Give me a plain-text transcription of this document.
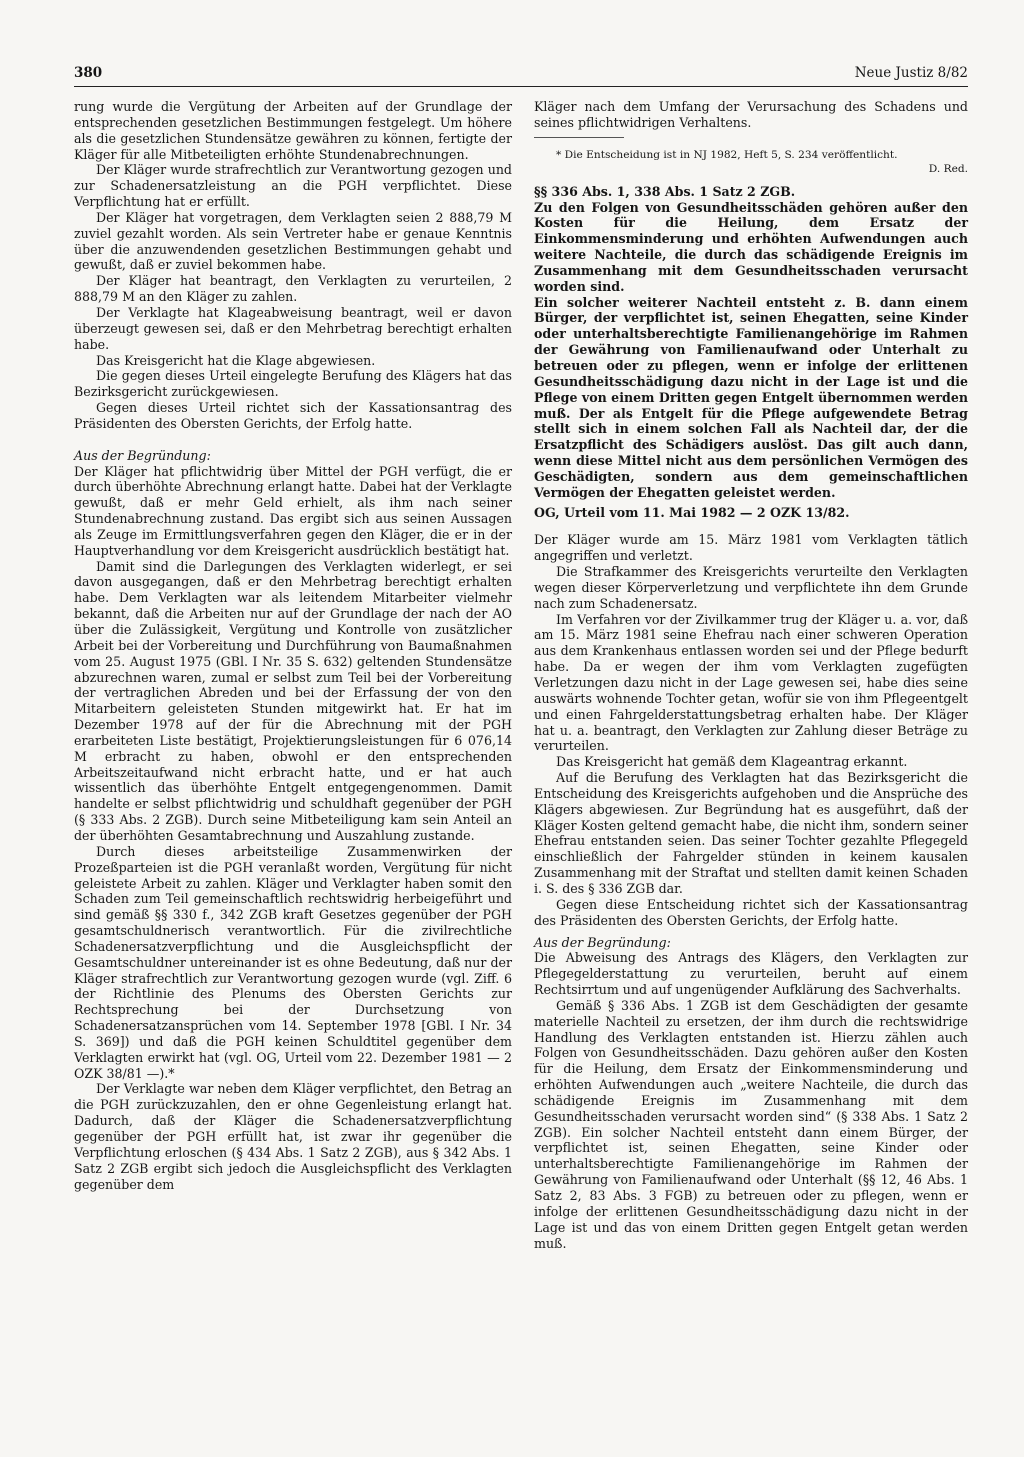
380	Neue Justiz 8/82

rung wurde die Vergütung der Arbeiten auf der Grundlage der entsprechenden gesetzlichen Bestimmungen festgelegt. Um höhere als die gesetzlichen Stundensätze gewähren zu können, fertigte der Kläger für alle Mitbeteiligten erhöhte Stundenabrechnungen.

Der Kläger wurde strafrechtlich zur Verantwortung gezogen und zur Schadenersatzleistung an die PGH verpflichtet. Diese Verpflichtung hat er erfüllt.

Der Kläger hat vorgetragen, dem Verklagten seien 2 888,79 M zuviel gezahlt worden. Als sein Vertreter habe er genaue Kenntnis über die anzuwendenden gesetzlichen Bestimmungen gehabt und gewußt, daß er zuviel bekommen habe.

Der Kläger hat beantragt, den Verklagten zu verurteilen, 2 888,79 M an den Kläger zu zahlen.

Der Verklagte hat Klageabweisung beantragt, weil er davon überzeugt gewesen sei, daß er den Mehrbetrag berechtigt erhalten habe.

Das Kreisgericht hat die Klage abgewiesen.

Die gegen dieses Urteil eingelegte Berufung des Klägers hat das Bezirksgericht zurückgewiesen.

Gegen dieses Urteil richtet sich der Kassationsantrag des Präsidenten des Obersten Gerichts, der Erfolg hatte.

Aus der Begründung:

Der Kläger hat pflichtwidrig über Mittel der PGH verfügt, die er durch überhöhte Abrechnung erlangt hatte. Dabei hat der Verklagte gewußt, daß er mehr Geld erhielt, als ihm nach seiner Stundenabrechnung zustand. Das ergibt sich aus seinen Aussagen als Zeuge im Ermittlungsverfahren gegen den Kläger, die er in der Hauptverhandlung vor dem Kreisgericht ausdrücklich bestätigt hat.

Damit sind die Darlegungen des Verklagten widerlegt, er sei davon ausgegangen, daß er den Mehrbetrag berechtigt erhalten habe. Dem Verklagten war als leitendem Mitarbeiter vielmehr bekannt, daß die Arbeiten nur auf der Grundlage der nach der AO über die Zulässigkeit, Vergütung und Kontrolle von zusätzlicher Arbeit bei der Vorbereitung und Durchführung von Baumaßnahmen vom 25. August 1975 (GBl. I Nr. 35 S. 632) geltenden Stundensätze abzurechnen waren, zumal er selbst zum Teil bei der Vorbereitung der vertraglichen Abreden und bei der Erfassung der von den Mitarbeitern geleisteten Stunden mitgewirkt hat. Er hat im Dezember 1978 auf der für die Abrechnung mit der PGH erarbeiteten Liste bestätigt, Projektierungsleistungen für 6 076,14 M erbracht zu haben, obwohl er den entsprechenden Arbeitszeitaufwand nicht erbracht hatte, und er hat auch wissentlich das überhöhte Entgelt entgegengenommen. Damit handelte er selbst pflichtwidrig und schuldhaft gegenüber der PGH (§ 333 Abs. 2 ZGB). Durch seine Mitbeteiligung kam sein Anteil an der überhöhten Gesamtabrechnung und Auszahlung zustande.

Durch dieses arbeitsteilige Zusammenwirken der Prozeßparteien ist die PGH veranlaßt worden, Vergütung für nicht geleistete Arbeit zu zahlen. Kläger und Verklagter haben somit den Schaden zum Teil gemeinschaftlich rechtswidrig herbeigeführt und sind gemäß §§ 330 f., 342 ZGB kraft Gesetzes gegenüber der PGH gesamtschuldnerisch verantwortlich. Für die zivilrechtliche Schadenersatzverpflichtung und die Ausgleichspflicht der Gesamtschuldner untereinander ist es ohne Bedeutung, daß nur der Kläger strafrechtlich zur Verantwortung gezogen wurde (vgl. Ziff. 6 der Richtlinie des Plenums des Obersten Gerichts zur Rechtsprechung bei der Durchsetzung von Schadenersatzansprüchen vom 14. September 1978 [GBl. I Nr. 34 S. 369]) und daß die PGH keinen Schuldtitel gegenüber dem Verklagten erwirkt hat (vgl. OG, Urteil vom 22. Dezember 1981 — 2 OZK 38/81 —).*

Der Verklagte war neben dem Kläger verpflichtet, den Betrag an die PGH zurückzuzahlen, den er ohne Gegenleistung erlangt hat. Dadurch, daß der Kläger die Schadenersatzverpflichtung gegenüber der PGH erfüllt hat, ist zwar ihr gegenüber die Verpflichtung erloschen (§ 434 Abs. 1 Satz 2 ZGB), aus § 342 Abs. 1 Satz 2 ZGB ergibt sich jedoch die Ausgleichspflicht des Verklagten gegenüber dem

Kläger nach dem Umfang der Verursachung des Schadens und seines pflichtwidrigen Verhaltens.

* Die Entscheidung ist in NJ 1982, Heft 5, S. 234 veröffentlicht.

D. Red.

§§ 336 Abs. 1, 338 Abs. 1 Satz 2 ZGB.

Zu den Folgen von Gesundheitsschäden gehören außer den Kosten für die Heilung, dem Ersatz der Einkommensminderung und erhöhten Aufwendungen auch weitere Nachteile, die durch das schädigende Ereignis im Zusammenhang mit dem Gesundheitsschaden verursacht worden sind.

Ein solcher weiterer Nachteil entsteht z. B. dann einem Bürger, der verpflichtet ist, seinen Ehegatten, seine Kinder oder unterhaltsberechtigte Familienangehörige im Rahmen der Gewährung von Familienaufwand oder Unterhalt zu betreuen oder zu pflegen, wenn er infolge der erlittenen Gesundheitsschädigung dazu nicht in der Lage ist und die Pflege von einem Dritten gegen Entgelt übernommen werden muß. Der als Entgelt für die Pflege aufgewendete Betrag stellt sich in einem solchen Fall als Nachteil dar, der die Ersatzpflicht des Schädigers auslöst. Das gilt auch dann, wenn diese Mittel nicht aus dem persönlichen Vermögen des Geschädigten, sondern aus dem gemeinschaftlichen Vermögen der Ehegatten geleistet werden.

OG, Urteil vom 11. Mai 1982 — 2 OZK 13/82.

Der Kläger wurde am 15. März 1981 vom Verklagten tätlich angegriffen und verletzt.

Die Strafkammer des Kreisgerichts verurteilte den Verklagten wegen dieser Körperverletzung und verpflichtete ihn dem Grunde nach zum Schadenersatz.

Im Verfahren vor der Zivilkammer trug der Kläger u. a. vor, daß am 15. März 1981 seine Ehefrau nach einer schweren Operation aus dem Krankenhaus entlassen worden sei und der Pflege bedurft habe. Da er wegen der ihm vom Verklagten zugefügten Verletzungen dazu nicht in der Lage gewesen sei, habe dies seine auswärts wohnende Tochter getan, wofür sie von ihm Pflegeentgelt und einen Fahrgelderstattungsbetrag erhalten habe. Der Kläger hat u. a. beantragt, den Verklagten zur Zahlung dieser Beträge zu verurteilen.

Das Kreisgericht hat gemäß dem Klageantrag erkannt.

Auf die Berufung des Verklagten hat das Bezirksgericht die Entscheidung des Kreisgerichts aufgehoben und die Ansprüche des Klägers abgewiesen. Zur Begründung hat es ausgeführt, daß der Kläger Kosten geltend gemacht habe, die nicht ihm, sondern seiner Ehefrau entstanden seien. Das seiner Tochter gezahlte Pflegegeld einschließlich der Fahrgelder stünden in keinem kausalen Zusammenhang mit der Straftat und stellten damit keinen Schaden i. S. des § 336 ZGB dar.

Gegen diese Entscheidung richtet sich der Kassationsantrag des Präsidenten des Obersten Gerichts, der Erfolg hatte.

Aus der Begründung:

Die Abweisung des Antrags des Klägers, den Verklagten zur Pflegegelderstattung zu verurteilen, beruht auf einem Rechtsirrtum und auf ungenügender Aufklärung des Sachverhalts.

Gemäß § 336 Abs. 1 ZGB ist dem Geschädigten der gesamte materielle Nachteil zu ersetzen, der ihm durch die rechtswidrige Handlung des Verklagten entstanden ist. Hierzu zählen auch Folgen von Gesundheitsschäden. Dazu gehören außer den Kosten für die Heilung, dem Ersatz der Einkommensminderung und erhöhten Aufwendungen auch „weitere Nachteile, die durch das schädigende Ereignis im Zusammenhang mit dem Gesundheitsschaden verursacht worden sind“ (§ 338 Abs. 1 Satz 2 ZGB). Ein solcher Nachteil entsteht dann einem Bürger, der verpflichtet ist, seinen Ehegatten, seine Kinder oder unterhaltsberechtigte Familienangehörige im Rahmen der Gewährung von Familienaufwand oder Unterhalt (§§ 12, 46 Abs. 1 Satz 2, 83 Abs. 3 FGB) zu betreuen oder zu pflegen, wenn er infolge der erlittenen Gesundheitsschädigung dazu nicht in der Lage ist und das von einem Dritten gegen Entgelt getan werden muß.
